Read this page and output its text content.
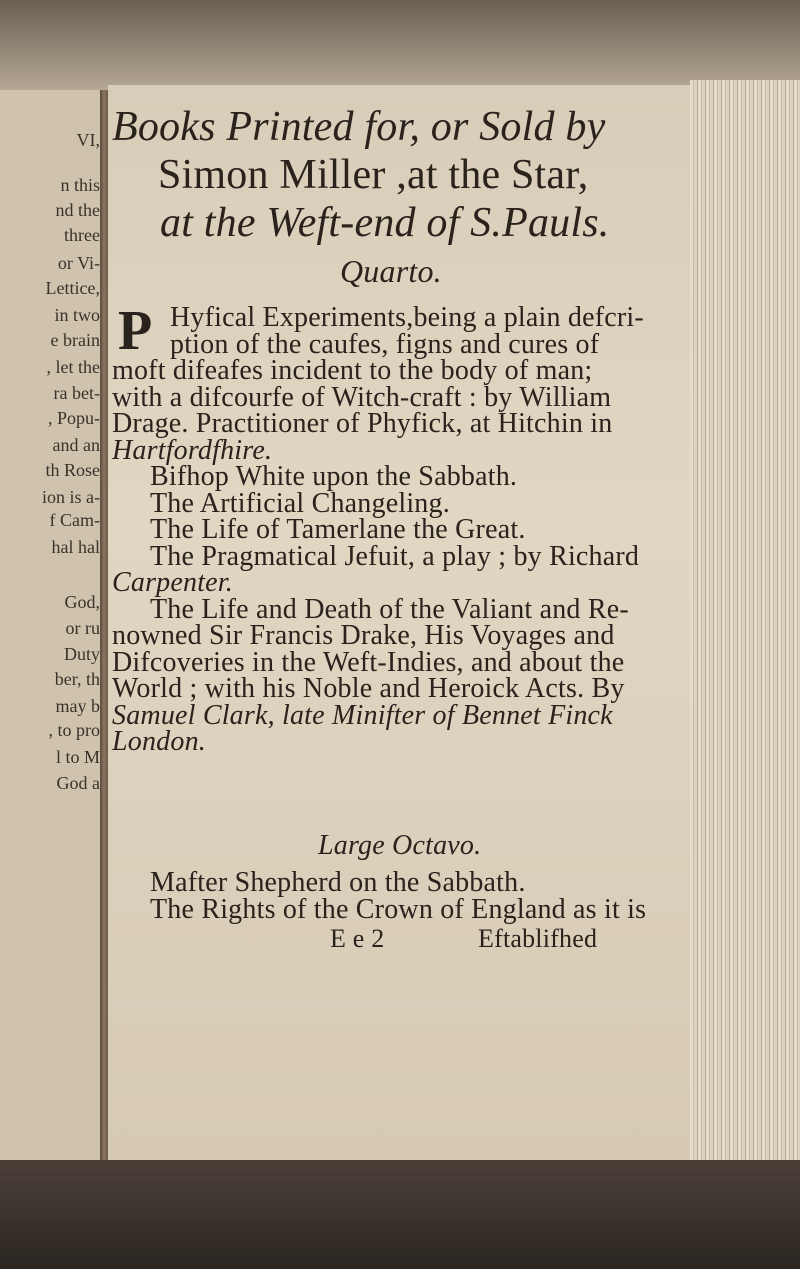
VI,
n this
nd the
three
or Vi-
Lettice,
in two
e brain
, let the
ra bet-
, Popu-
and an
th Rose
ion is a-
f Cam-
hal hal
God,
or ru
Duty
ber, th
may b
, to pro
l to M
God a
Books Printed for, or Sold by
Simon Miller ,at the Star,
at the Weft-end of S.Pauls.
Quarto.
P Hyfical Experiments,being a plain defcri-
ption of the caufes, figns and cures of
moft difeafes incident to the body of man;
with a difcourfe of Witch-craft : by William
Drage. Practitioner of Phyfick, at Hitchin in
Hartfordfhire.
Bifhop White upon the Sabbath.
The Artificial Changeling.
The Life of Tamerlane the Great.
The Pragmatical Jefuit, a play ; by Richard
Carpenter.
The Life and Death of the Valiant and Re-
nowned Sir Francis Drake, His Voyages and
Difcoveries in the Weft-Indies, and about the
World ; with his Noble and Heroick Acts. By
Samuel Clark, late Minifter of Bennet Finck
London.
Mafter Shepherd on the Sabbath.
The Rights of the Crown of England as it is
Large Octavo.
E e 2	Eftablifhed
